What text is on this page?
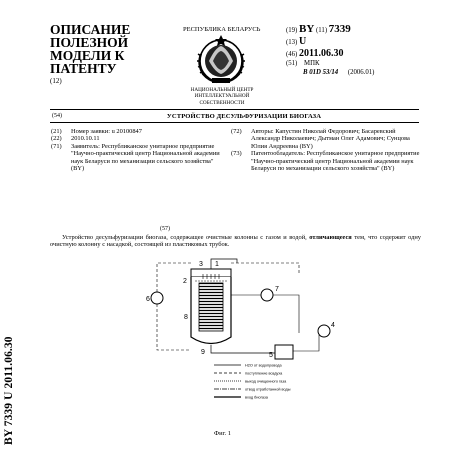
BY 7339 U 2011.06.30
ОПИСАНИЕ
ПОЛЕЗНОЙ
МОДЕЛИ К
ПАТЕНТУ
(12)
РЕСПУБЛИКА БЕЛАРУСЬ
НАЦИОНАЛЬНЫЙ ЦЕНТР ИНТЕЛЛЕКТУАЛЬНОЙ СОБСТВЕННОСТИ
(19) BY (11) 7339
(13) U
(46) 2011.06.30
(51) МПК
B 01D 53/14 (2006.01)
(54)	УСТРОЙСТВО ДЕСУЛЬФУРИЗАЦИИ БИОГАЗА
(21)	Номер заявки: u 20100847
(22)	2010.10.11
(71)	Заявитель: Республиканское унитарное предприятие "Научно-практический центр Национальной академии наук Беларуси по механизации сельского хозяйства" (BY)
(72)	Авторы: Капустин Николай Федорович; Басаревский Александр Николаевич; Дытман Олег Адамович; Сунцова Юлия Андреевна (BY)
(73)	Патентообладатель: Республиканское унитарное предприятие "Научно-практический центр Национальной академии наук Беларуси по механизации сельского хозяйства" (BY)
(57)
Устройство десульфуризации биогаза, содержащее очистные колонны с газом и водой, отличающееся тем, что содержит одну очистную колонну с насадкой, состоящей из пластиковых трубок.
1
2
3
4
5
6
7
8
9
H2O от водопровода
поступление воздуха
выход очищенного газа
отвод отработанной воды
вход биогаза
Фиг. 1
